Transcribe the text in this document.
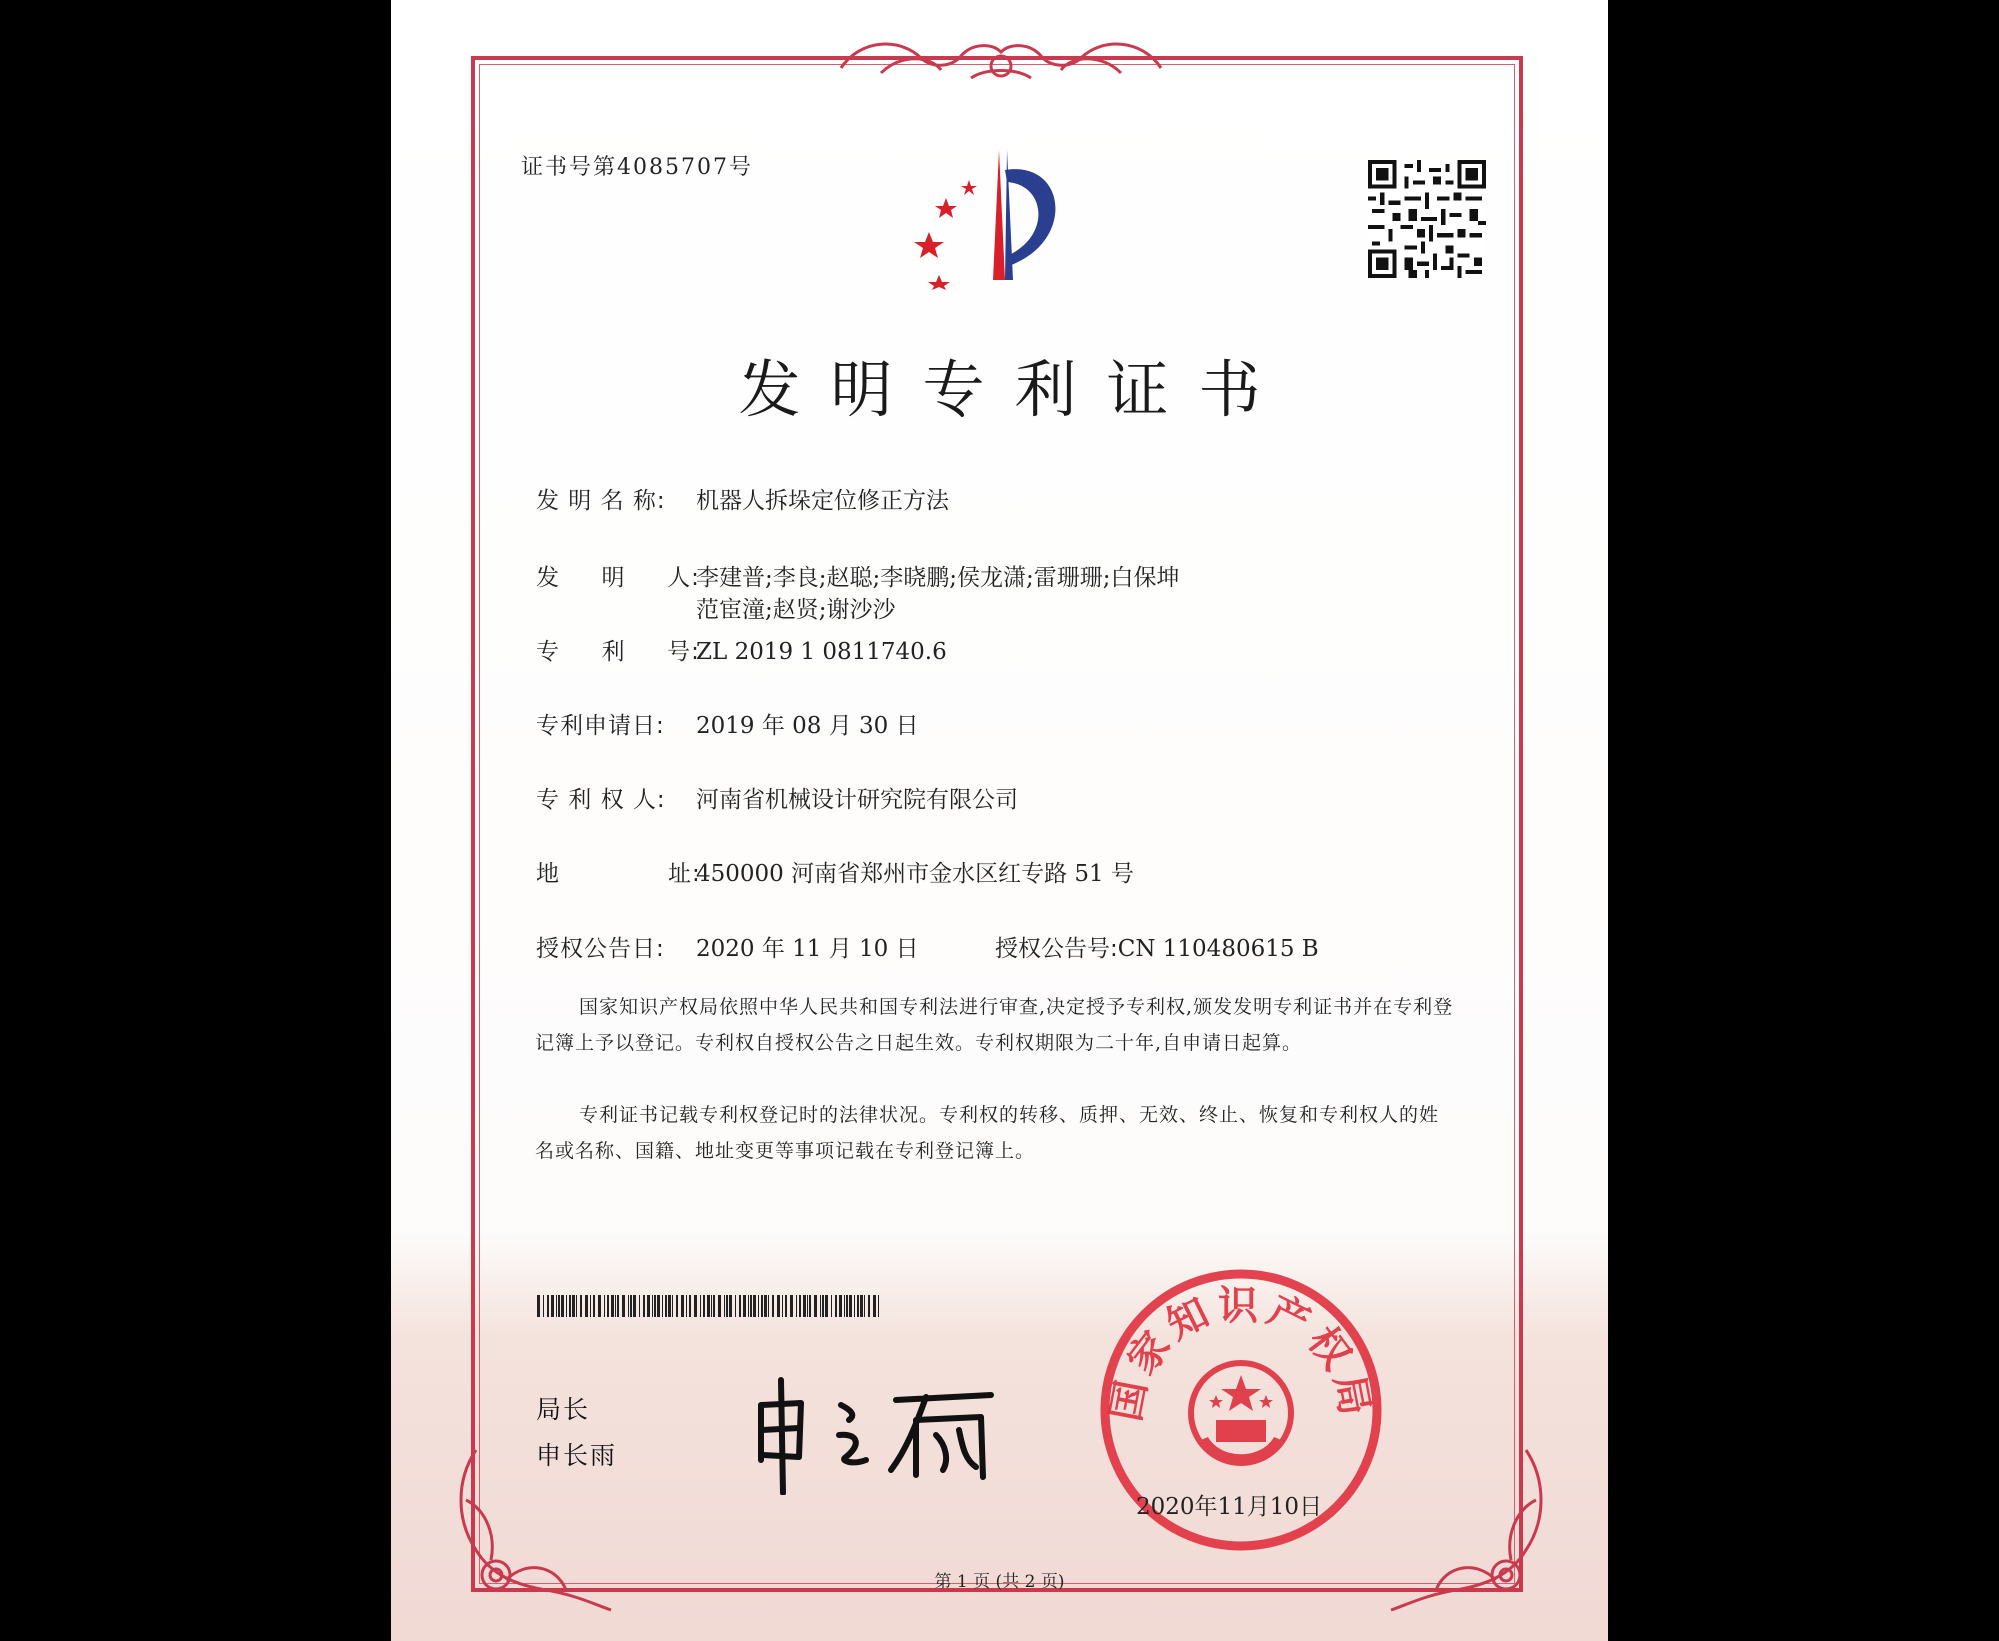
证书号第4085707号
发明专利证书
发 明 名 称: 机器人拆垛定位修正方法
发     明     人:李建普;李良;赵聪;李晓鹏;侯龙潇;雷珊珊;白保坤
范宦潼;赵贤;谢沙沙
专     利     号:ZL 2019 1 0811740.6
专利申请日: 2019 年 08 月 30 日
专 利 权 人: 河南省机械设计研究院有限公司
地             址:450000 河南省郑州市金水区红专路 51 号
授权公告日: 2020 年 11 月 10 日	授权公告号:CN 110480615 B
国家知识产权局依照中华人民共和国专利法进行审查,决定授予专利权,颁发发明专利证书并在专利登记簿上予以登记。专利权自授权公告之日起生效。专利权期限为二十年,自申请日起算。
专利证书记载专利权登记时的法律状况。专利权的转移、质押、无效、终止、恢复和专利权人的姓名或名称、国籍、地址变更等事项记载在专利登记簿上。
局长
申长雨
国家知识产权局
2020年11月10日
第 1 页 (共 2 页)
